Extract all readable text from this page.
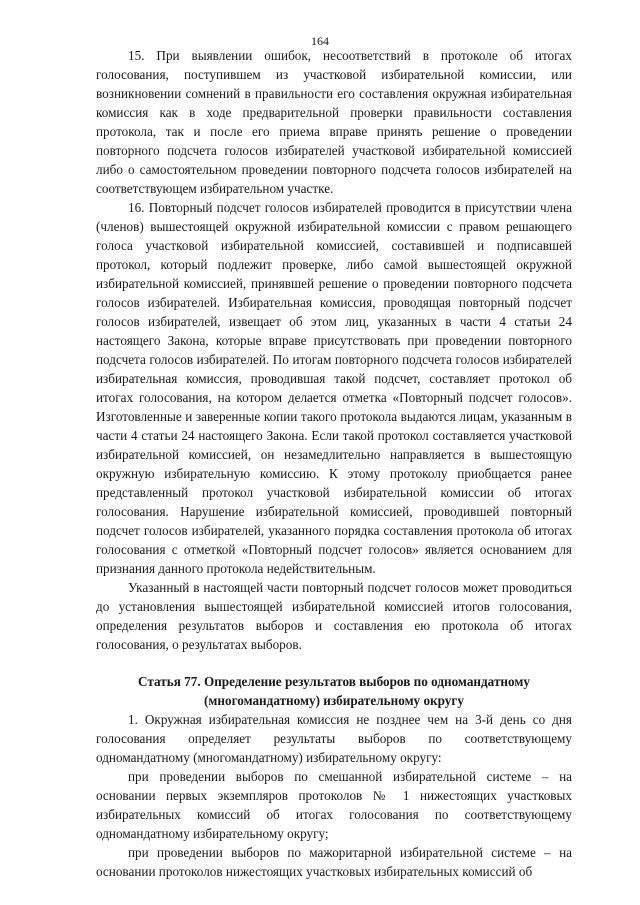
164

15. При выявлении ошибок, несоответствий в протоколе об итогах голосования, поступившем из участковой избирательной комиссии, или возникновении сомнений в правильности его составления окружная избирательная комиссия как в ходе предварительной проверки правильности составления протокола, так и после его приема вправе принять решение о проведении повторного подсчета голосов избирателей участковой избирательной комиссией либо о самостоятельном проведении повторного подсчета голосов избирателей на соответствующем избирательном участке.

16. Повторный подсчет голосов избирателей проводится в присутствии члена (членов) вышестоящей окружной избирательной комиссии с правом решающего голоса участковой избирательной комиссией, составившей и подписавшей протокол, который подлежит проверке, либо самой вышестоящей окружной избирательной комиссией, принявшей решение о проведении повторного подсчета голосов избирателей. Избирательная комиссия, проводящая повторный подсчет голосов избирателей, извещает об этом лиц, указанных в части 4 статьи 24 настоящего Закона, которые вправе присутствовать при проведении повторного подсчета голосов избирателей. По итогам повторного подсчета голосов избирателей избирательная комиссия, проводившая такой подсчет, составляет протокол об итогах голосования, на котором делается отметка «Повторный подсчет голосов». Изготовленные и заверенные копии такого протокола выдаются лицам, указанным в части 4 статьи 24 настоящего Закона. Если такой протокол составляется участковой избирательной комиссией, он незамедлительно направляется в вышестоящую окружную избирательную комиссию. К этому протоколу приобщается ранее представленный протокол участковой избирательной комиссии об итогах голосования. Нарушение избирательной комиссией, проводившей повторный подсчет голосов избирателей, указанного порядка составления протокола об итогах голосования с отметкой «Повторный подсчет голосов» является основанием для признания данного протокола недействительным.

Указанный в настоящей части повторный подсчет голосов может проводиться до установления вышестоящей избирательной комиссией итогов голосования, определения результатов выборов и составления ею протокола об итогах голосования, о результатах выборов.

Статья 77. Определение результатов выборов по одномандатному
(многомандатному) избирательному округу

1. Окружная избирательная комиссия не позднее чем на 3-й день со дня голосования определяет результаты выборов по соответствующему одномандатному (многомандатному) избирательному округу:

при проведении выборов по смешанной избирательной системе – на основании первых экземпляров протоколов № 1 нижестоящих участковых избирательных комиссий об итогах голосования по соответствующему одномандатному избирательному округу;

при проведении выборов по мажоритарной избирательной системе – на основании протоколов нижестоящих участковых избирательных комиссий об
